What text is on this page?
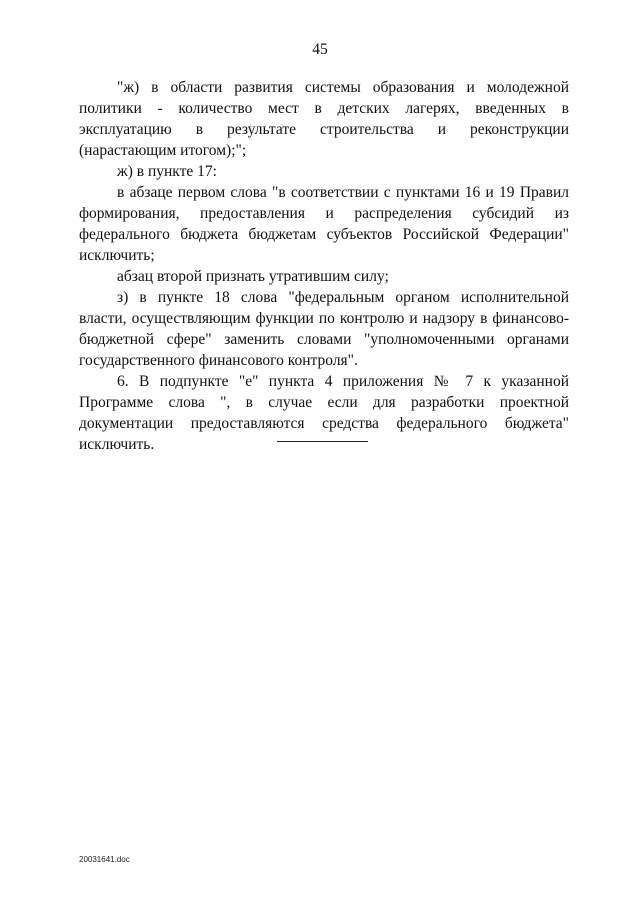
45

"ж) в области развития системы образования и молодежной политики - количество мест в детских лагерях, введенных в эксплуатацию в результате строительства и реконструкции (нарастающим итогом);";

ж) в пункте 17:

в абзаце первом слова "в соответствии с пунктами 16 и 19 Правил формирования, предоставления и распределения субсидий из федерального бюджета бюджетам субъектов Российской Федерации" исключить;

абзац второй признать утратившим силу;

з) в пункте 18 слова "федеральным органом исполнительной власти, осуществляющим функции по контролю и надзору в финансово-бюджетной сфере" заменить словами "уполномоченными органами государственного финансового контроля".

6. В подпункте "е" пункта 4 приложения № 7 к указанной Программе слова ", в случае если для разработки проектной документации предоставляются средства федерального бюджета" исключить.

20031641.doc
